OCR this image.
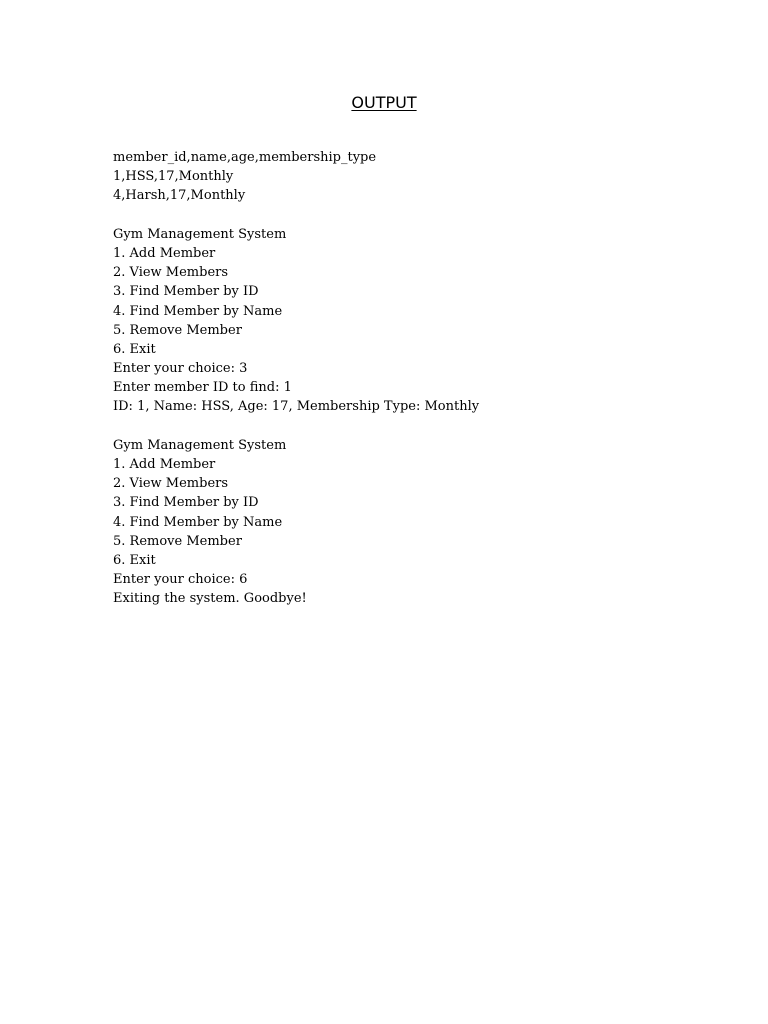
OUTPUT
member_id,name,age,membership_type
1,HSS,17,Monthly
4,Harsh,17,Monthly
Gym Management System
1. Add Member
2. View Members
3. Find Member by ID
4. Find Member by Name
5. Remove Member
6. Exit
Enter your choice: 3
Enter member ID to find: 1
ID: 1, Name: HSS, Age: 17, Membership Type: Monthly
Gym Management System
1. Add Member
2. View Members
3. Find Member by ID
4. Find Member by Name
5. Remove Member
6. Exit
Enter your choice: 6
Exiting the system. Goodbye!
